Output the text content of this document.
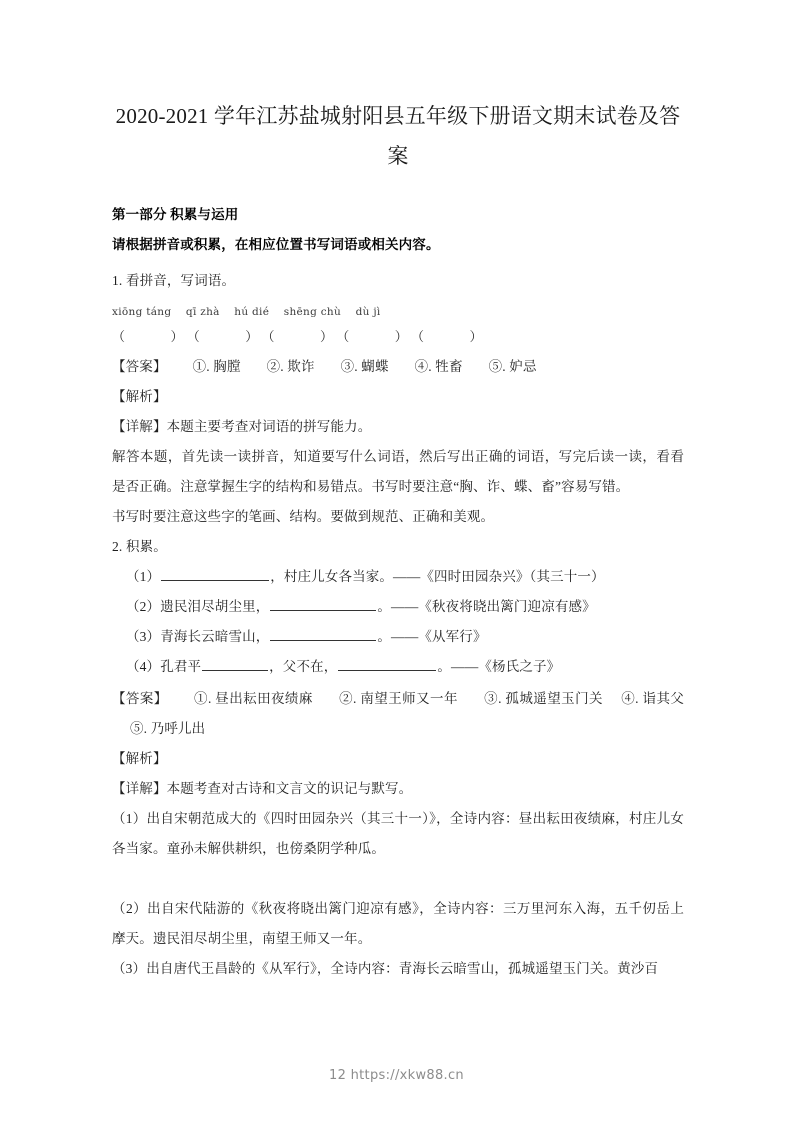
2020-2021 学年江苏盐城射阳县五年级下册语文期末试卷及答案

第一部分 积累与运用

请根据拼音或积累，在相应位置书写词语或相关内容。

1. 看拼音，写词语。

xiōng táng    qī zhà    hú dié    shēng chù    dù jì
（              ） （              ） （              ） （              ） （              ）

【答案】 ①. 胸膛 ②. 欺诈 ③. 蝴蝶 ④. 牲畜 ⑤. 妒忌

【解析】

【详解】本题主要考查对词语的拼写能力。

解答本题，首先读一读拼音，知道要写什么词语，然后写出正确的词语，写完后读一读，看看是否正确。注意掌握生字的结构和易错点。书写时要注意“胸、诈、蝶、畜”容易写错。

书写时要注意这些字的笔画、结构。要做到规范、正确和美观。

2. 积累。

（1）	，村庄儿女各当家。——《四时田园杂兴》（其三十一）

（2）遗民泪尽胡尘里，	。——《秋夜将晓出篱门迎凉有感》

（3）青海长云暗雪山，	。——《从军行》

（4）孔君平	，父不在，	。——《杨氏之子》

【答案】 ①. 昼出耘田夜绩麻 ②. 南望王师又一年 ③. 孤城遥望玉门关 ④. 诣其父⑤. 乃呼儿出

【解析】

【详解】本题考查对古诗和文言文的识记与默写。

（1）出自宋朝范成大的《四时田园杂兴（其三十一）》，全诗内容：昼出耘田夜绩麻，村庄儿女各当家。童孙未解供耕织，也傍桑阴学种瓜。

（2）出自宋代陆游的《秋夜将晓出篱门迎凉有感》，全诗内容：三万里河东入海，五千仞岳上摩天。遗民泪尽胡尘里，南望王师又一年。

（3）出自唐代王昌龄的《从军行》，全诗内容：青海长云暗雪山，孤城遥望玉门关。黄沙百

12 https://xkw88.cn
